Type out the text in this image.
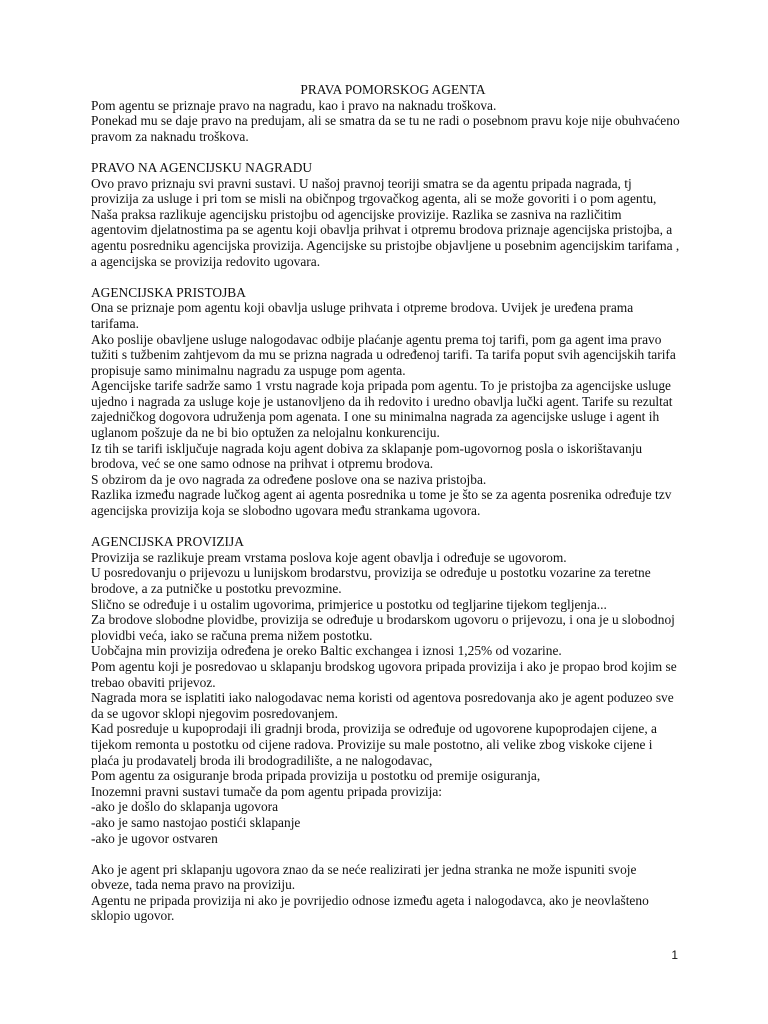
PRAVA POMORSKOG AGENTA

Pom agentu se priznaje pravo na nagradu, kao i pravo na naknadu troškova.

Ponekad mu se daje pravo na predujam, ali se smatra da se tu ne radi o posebnom pravu koje nije obuhvaćeno pravom za naknadu troškova.

PRAVO NA AGENCIJSKU NAGRADU

Ovo pravo priznaju svi pravni sustavi. U našoj pravnoj teoriji smatra se da agentu pripada nagrada, tj provizija za usluge i pri tom se misli na običnpog trgovačkog agenta, ali se može govoriti i o pom agentu,

Naša praksa razlikuje agencijsku pristojbu od agencijske provizije. Razlika se zasniva na različitim agentovim djelatnostima pa se agentu koji obavlja prihvat i otpremu brodova priznaje agencijska pristojba, a agentu posredniku agencijska provizija. Agencijske su pristojbe objavljene u posebnim agencijskim tarifama , a agencijska se provizija redovito ugovara.

AGENCIJSKA PRISTOJBA

Ona se priznaje pom agentu koji obavlja usluge prihvata i otpreme brodova. Uvijek je uređena prama tarifama.

Ako poslije obavljene usluge nalogodavac odbije plaćanje agentu prema toj tarifi, pom ga agent ima pravo tužiti s tužbenim zahtjevom da mu se prizna nagrada u određenoj tarifi. Ta tarifa poput svih agencijskih tarifa propisuje samo minimalnu nagradu za uspuge pom agenta.

Agencijske tarife sadrže samo 1 vrstu nagrade koja pripada pom agentu. To je pristojba za agencijske usluge ujedno i nagrada za usluge koje je ustanovljeno da ih redovito i uredno obavlja lučki agent. Tarife su rezultat zajedničkog dogovora udruženja pom agenata. I one su minimalna nagrada za agencijske usluge i agent ih uglanom pošzuje da ne bi bio optužen za nelojalnu konkurenciju.

Iz tih se tarifi isključuje nagrada koju agent dobiva za sklapanje pom-ugovornog posla o iskorištavanju brodova, već se one samo odnose na prihvat i otpremu brodova.

S obzirom da je ovo nagrada za određene poslove ona se naziva pristojba.

Razlika između nagrade lučkog agent ai agenta posrednika u tome je što se za agenta posrenika određuje tzv agencijska provizija koja se slobodno ugovara među strankama ugovora.

AGENCIJSKA PROVIZIJA

Provizija se razlikuje pream vrstama poslova koje agent obavlja i određuje se ugovorom.

U posredovanju o prijevozu u lunijskom brodarstvu, provizija se određuje u postotku vozarine za teretne brodove, a za putničke u postotku prevozmine.

Slično se određuje i u ostalim ugovorima, primjerice u postotku od tegljarine tijekom tegljenja...

Za brodove slobodne plovidbe, provizija se određuje u brodarskom ugovoru o prijevozu, i ona je u slobodnoj plovidbi veća, iako se računa prema nižem postotku.

Uobčajna min provizija određena je oreko Baltic exchangea i iznosi 1,25% od vozarine.

Pom agentu koji je posredovao u sklapanju brodskog ugovora pripada provizija i ako je propao brod kojim se trebao obaviti prijevoz.

Nagrada mora se isplatiti iako nalogodavac nema koristi od agentova posredovanja ako je agent poduzeo sve da se ugovor sklopi njegovim posredovanjem.

Kad posreduje u kupoprodaji ili gradnji broda, provizija se određuje od ugovorene kupoprodajen cijene, a tijekom remonta u postotku od cijene radova. Provizije su male postotno, ali velike zbog viskoke cijene i plaća ju prodavatelj broda ili brodogradilište, a ne nalogodavac,

Pom agentu za osiguranje broda pripada provizija u postotku od premije osiguranja,

Inozemni pravni sustavi tumače da pom agentu pripada provizija:

-ako je došlo do sklapanja ugovora

-ako je samo nastojao postići sklapanje

-ako je ugovor ostvaren

Ako je agent pri sklapanju ugovora znao da se neće realizirati jer jedna stranka ne može ispuniti svoje obveze, tada nema pravo na proviziju.

Agentu ne pripada provizija ni ako je povrijedio odnose između ageta i nalogodavca, ako je neovlašteno sklopio ugovor.

1
